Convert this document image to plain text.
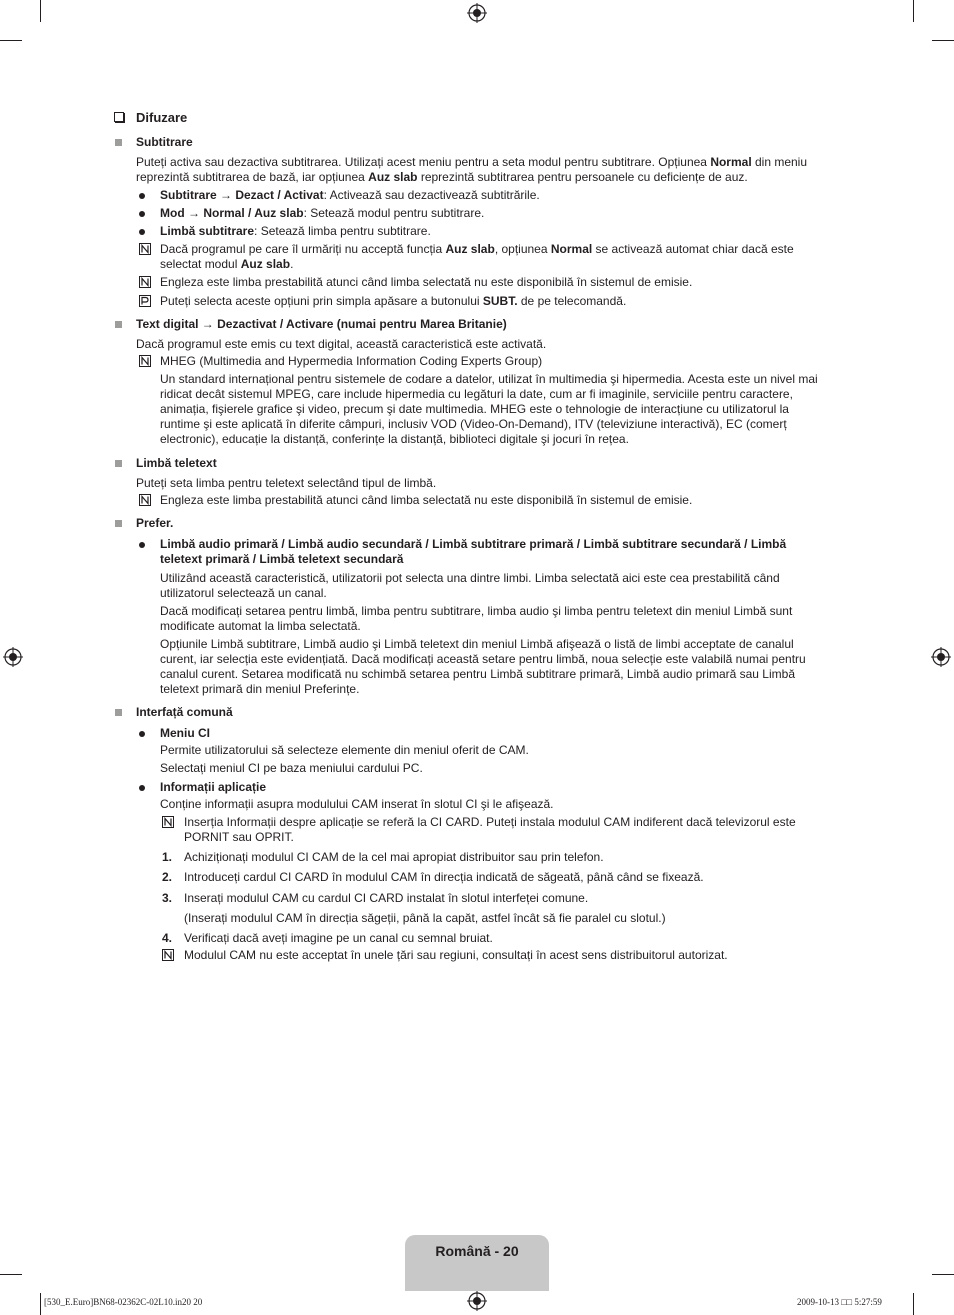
Difuzare
Subtitrare
Puteți activa sau dezactiva subtitrarea. Utilizați acest meniu pentru a seta modul pentru subtitrare. Opțiunea Normal din meniu reprezintă subtitrarea de bază, iar opțiunea Auz slab reprezintă subtitrarea pentru persoanele cu deficiențe de auz.
Subtitrare → Dezact / Activat: Activează sau dezactivează subtitrările.
Mod → Normal / Auz slab: Setează modul pentru subtitrare.
Limbă subtitrare: Setează limba pentru subtitrare.
Dacă programul pe care îl urmăriți nu acceptă funcția Auz slab, opțiunea Normal se activează automat chiar dacă este selectat modul Auz slab.
Engleza este limba prestabilită atunci când limba selectată nu este disponibilă în sistemul de emisie.
Puteți selecta aceste opțiuni prin simpla apăsare a butonului SUBT. de pe telecomandă.
Text digital → Dezactivat / Activare (numai pentru Marea Britanie)
Dacă programul este emis cu text digital, această caracteristică este activată.
MHEG (Multimedia and Hypermedia Information Coding Experts Group)
Un standard internațional pentru sistemele de codare a datelor, utilizat în multimedia şi hipermedia. Acesta este un nivel mai ridicat decât sistemul MPEG, care include hipermedia cu legături la date, cum ar fi imaginile, serviciile pentru caractere, animația, fişierele grafice şi video, precum şi date multimedia. MHEG este o tehnologie de interacțiune cu utilizatorul la runtime şi este aplicată în diferite câmpuri, inclusiv VOD (Video-On-Demand), ITV (televiziune interactivă), EC (comerț electronic), educație la distanță, conferințe la distanță, biblioteci digitale şi jocuri în rețea.
Limbă teletext
Puteți seta limba pentru teletext selectând tipul de limbă.
Engleza este limba prestabilită atunci când limba selectată nu este disponibilă în sistemul de emisie.
Prefer.
Limbă audio primară / Limbă audio secundară / Limbă subtitrare primară / Limbă subtitrare secundară / Limbă teletext primară / Limbă teletext secundară
Utilizând această caracteristică, utilizatorii pot selecta una dintre limbi. Limba selectată aici este cea prestabilită când utilizatorul selectează un canal.
Dacă modificați setarea pentru limbă, limba pentru subtitrare, limba audio şi limba pentru teletext din meniul Limbă sunt modificate automat la limba selectată.
Opțiunile Limbă subtitrare, Limbă audio şi Limbă teletext din meniul Limbă afişează o listă de limbi acceptate de canalul curent, iar selecția este evidențiată. Dacă modificați această setare pentru limbă, noua selecție este valabilă numai pentru canalul curent. Setarea modificată nu schimbă setarea pentru Limbă subtitrare primară, Limbă audio primară sau Limbă teletext primară din meniul Preferințe.
Interfață comună
Meniu CI
Permite utilizatorului să selecteze elemente din meniul oferit de CAM.
Selectați meniul CI pe baza meniului cardului PC.
Informații aplicație
Conține informații asupra modulului CAM inserat în slotul CI şi le afişează.
Inserția Informații despre aplicație se referă la CI CARD. Puteți instala modulul CAM indiferent dacă televizorul este PORNIT sau OPRIT.
1. Achiziționați modulul CI CAM de la cel mai apropiat distribuitor sau prin telefon.
2. Introduceți cardul CI CARD în modulul CAM în direcția indicată de săgeată, până când se fixează.
3. Inserați modulul CAM cu cardul CI CARD instalat în slotul interfeței comune.
(Inserați modulul CAM în direcția săgeții, până la capăt, astfel încât să fie paralel cu slotul.)
4. Verificați dacă aveți imagine pe un canal cu semnal bruiat.
Modulul CAM nu este acceptat în unele țări sau regiuni, consultați în acest sens distribuitorul autorizat.
Română - 20
[530_E.Euro]BN68-02362C-02L10.in20 20	2009-10-13 □□ 5:27:59
